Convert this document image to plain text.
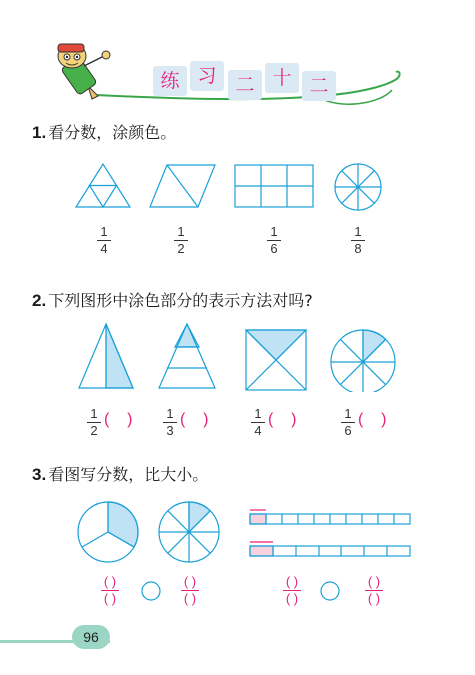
练 习 二 十 二
1. 看分数，涂颜色。
1
4
1
2
1
6
1
8
2. 下列图形中涂色部分的表示方法对吗?
1
2
(    )	1
3
(    )	1
4
(    )	1
6
(    )
3. 看图写分数，比大小。
( )
( )
( )
( )
( )
( )
( )
( )
96
